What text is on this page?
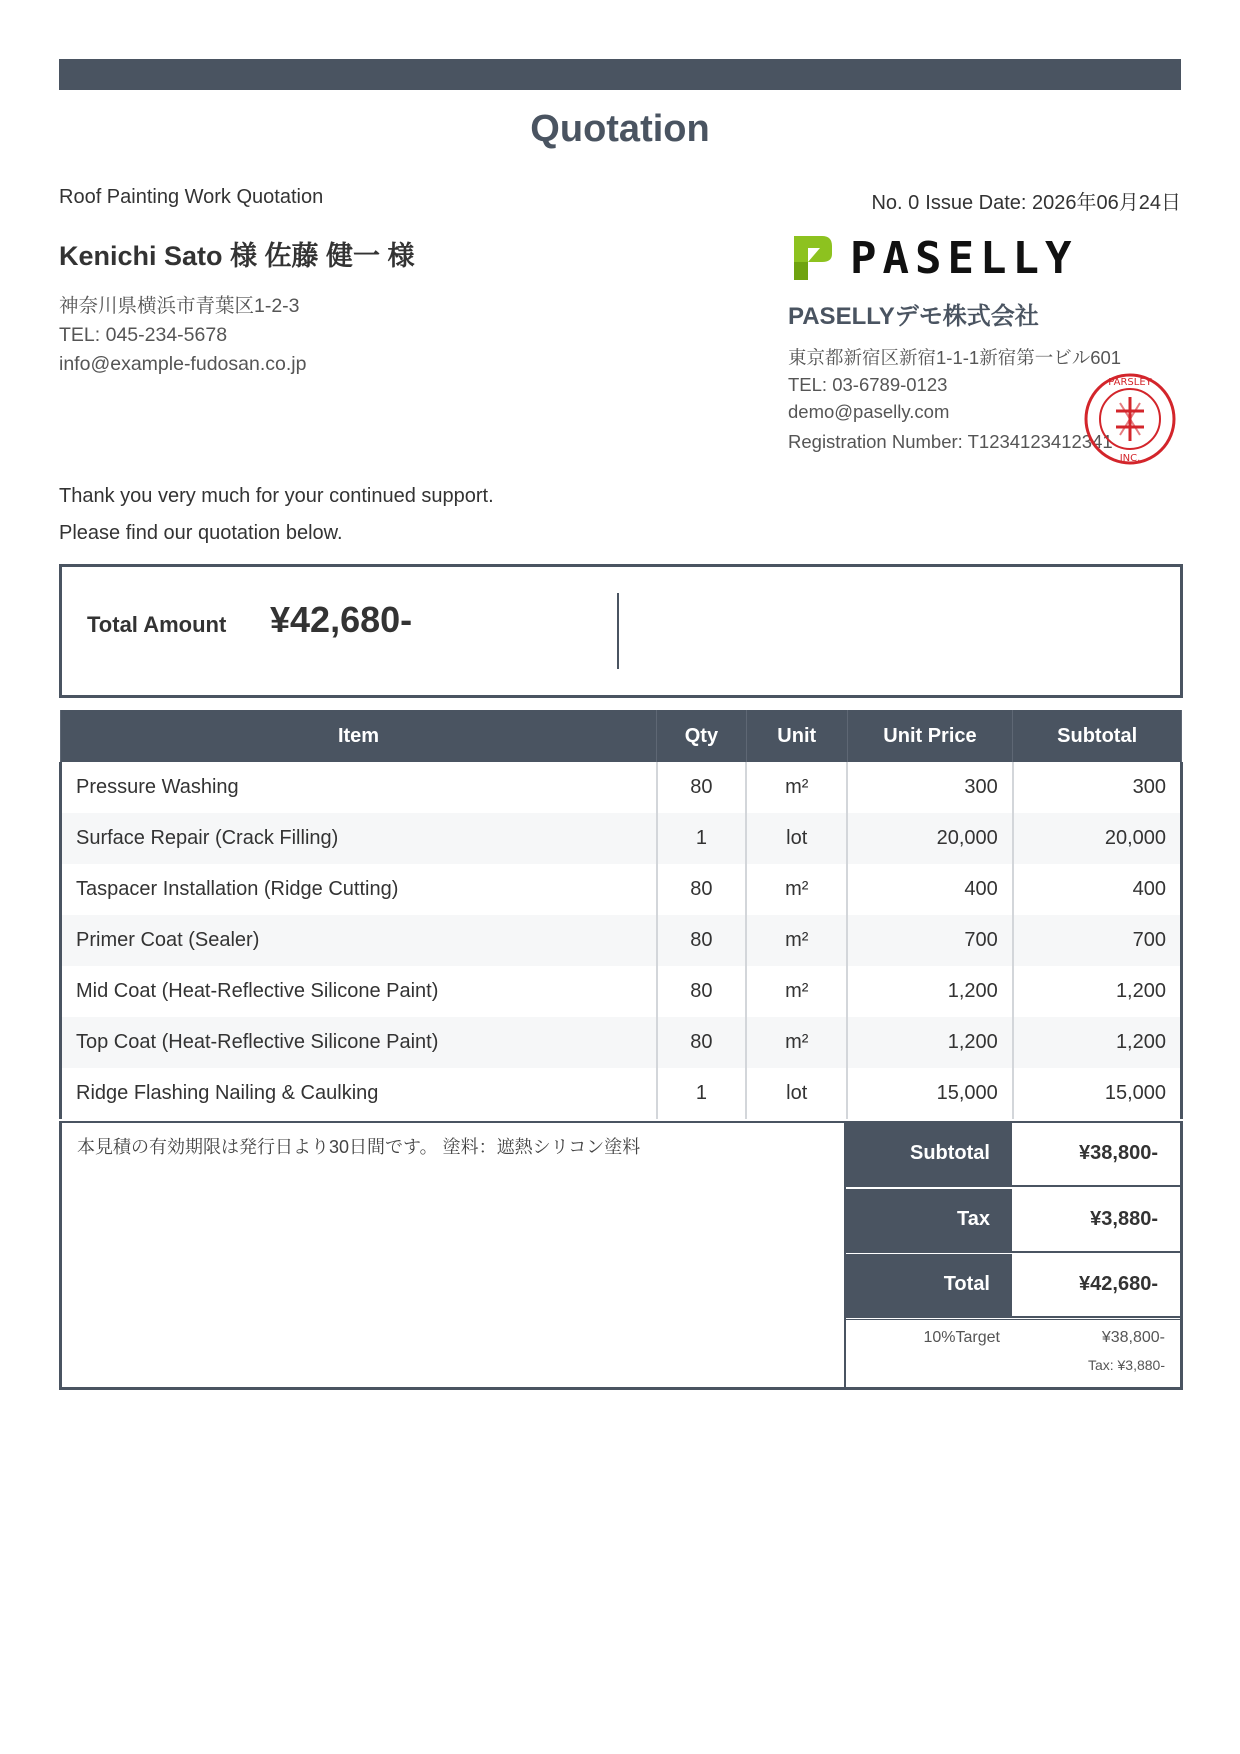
Quotation
Roof Painting Work Quotation	No. 0 Issue Date: 2026年06月24日
Kenichi Sato 様 佐藤 健一 様
神奈川県横浜市青葉区1-2-3
TEL: 045-234-5678
info@example-fudosan.co.jp
PASELLY
PASELLYデモ株式会社
東京都新宿区新宿1-1-1新宿第一ビル601
TEL: 03-6789-0123
demo@paselly.com
Registration Number: T1234123412341
PARSLEY
INC.
Thank you very much for your continued support.
Please find our quotation below.
Total Amount ¥42,680-
Item	Qty	Unit	Unit Price	Subtotal
Pressure Washing	80	m²	300	300
Surface Repair (Crack Filling)	1	lot	20,000	20,000
Taspacer Installation (Ridge Cutting)	80	m²	400	400
Primer Coat (Sealer)	80	m²	700	700
Mid Coat (Heat-Reflective Silicone Paint)	80	m²	1,200	1,200
Top Coat (Heat-Reflective Silicone Paint)	80	m²	1,200	1,200
Ridge Flashing Nailing & Caulking	1	lot	15,000	15,000
本見積の有効期限は発行日より30日間です。 塗料：遮熱シリコン塗料	Subtotal	¥38,800-
Tax	¥3,880-
Total	¥42,680-
10%Target	¥38,800-
Tax: ¥3,880-
